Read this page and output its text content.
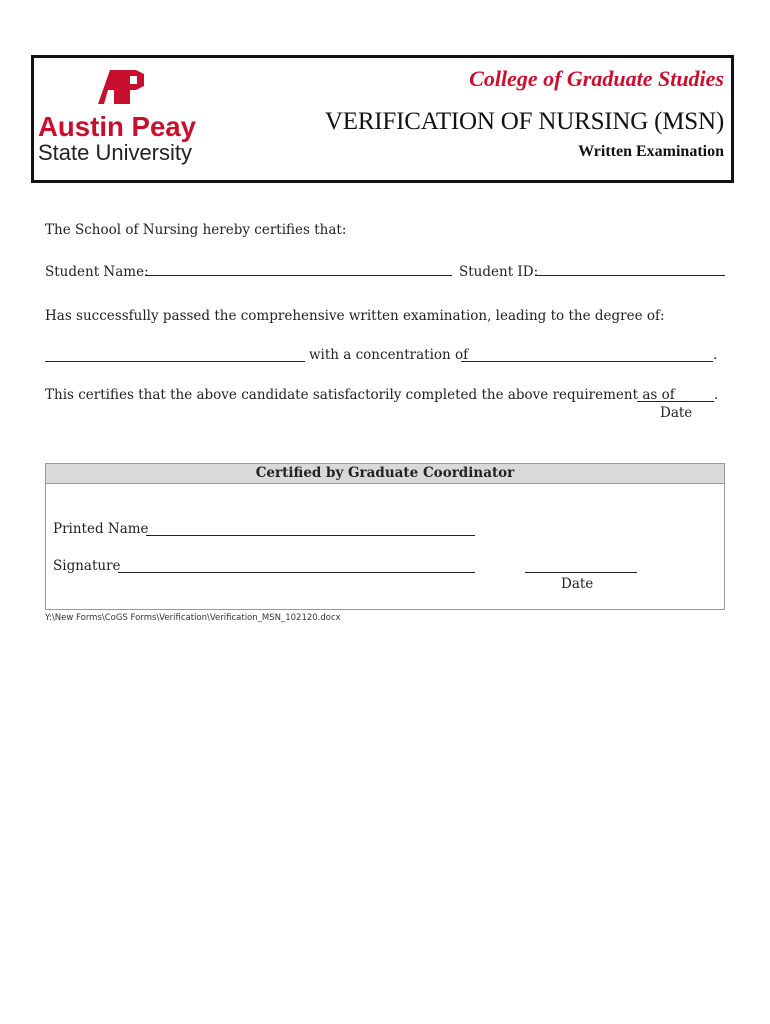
Austin Peay
State University
College of Graduate Studies
VERIFICATION OF NURSING (MSN)
Written Examination
The School of Nursing hereby certifies that:
Student Name:	Student ID:
Has successfully passed the comprehensive written examination, leading to the degree of:
with a concentration of	.
This certifies that the above candidate satisfactorily completed the above requirement as of	.
Date
Certified by Graduate Coordinator
Printed Name
Signature
Date
Y:\New Forms\CoGS Forms\Verification\Verification_MSN_102120.docx
